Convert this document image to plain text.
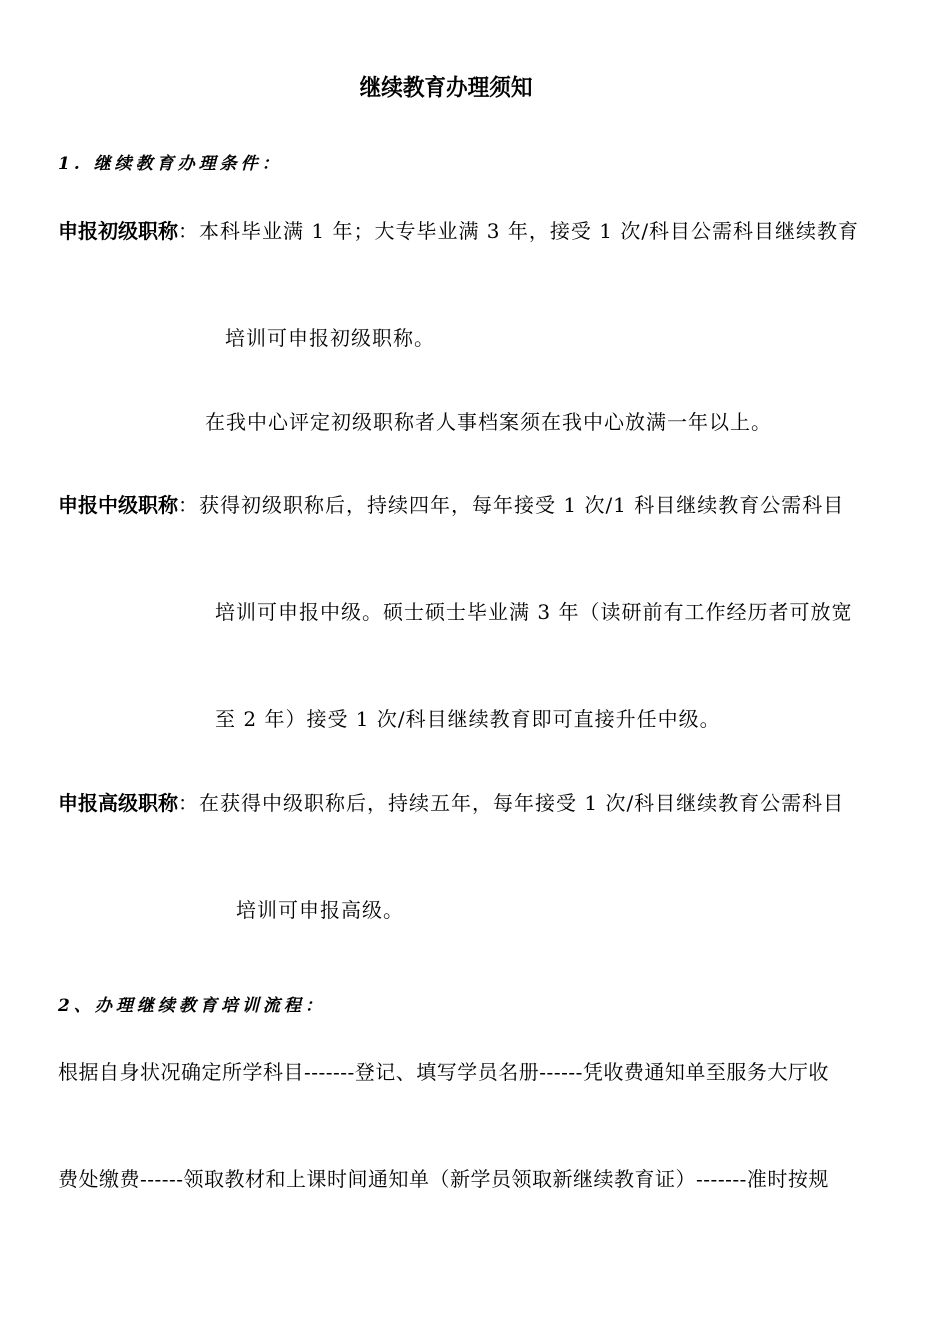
继续教育办理须知
1. 继续教育办理条件：
申报初级职称：本科毕业满 1 年；大专毕业满 3 年，接受 1 次/科目公需科目继续教育
培训可申报初级职称。
在我中心评定初级职称者人事档案须在我中心放满一年以上。
申报中级职称：获得初级职称后，持续四年，每年接受 1 次/1 科目继续教育公需科目
培训可申报中级。硕士硕士毕业满 3 年（读研前有工作经历者可放宽
至 2 年）接受 1 次/科目继续教育即可直接升任中级。
申报高级职称：在获得中级职称后，持续五年，每年接受 1 次/科目继续教育公需科目
培训可申报高级。
2、办理继续教育培训流程：
根据自身状况确定所学科目-------登记、填写学员名册------凭收费通知单至服务大厅收
费处缴费------领取教材和上课时间通知单（新学员领取新继续教育证）-------准时按规
